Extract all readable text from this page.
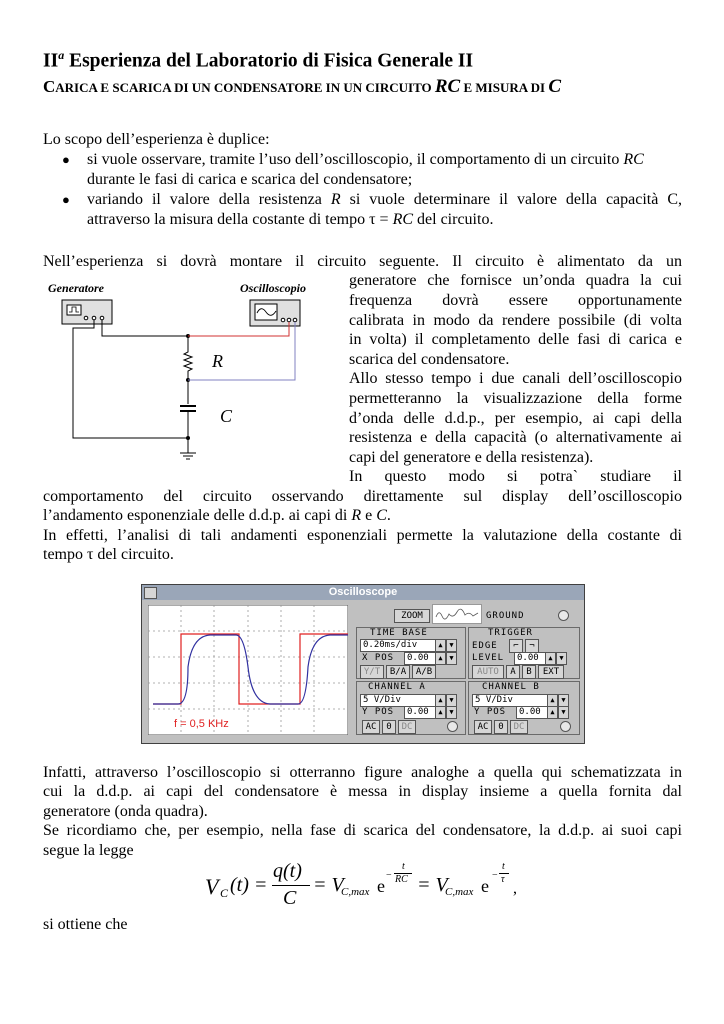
$II^a$ Esperienza del Laboratorio di Fisica Generale II
CARICA E SCARICA DI UN CONDENSATORE IN UN CIRCUITO RC E MISURA DI C
Lo scopo dell’esperienza è duplice:
● si vuole osservare, tramite l’uso dell’oscilloscopio, il comportamento di un circuito RC
durante le fasi di carica e scarica del condensatore;
● variando il valore della resistenza R si vuole determinare il valore della capacità C,
attraverso la misura della costante di tempo τ = RC del circuito.
Nell’esperienza si dovrà montare il circuito seguente. Il circuito è alimentato da un
generatore che fornisce un’onda quadra la cui
frequenza dovrà essere opportunamente
calibrata in modo da rendere possibile (di volta
in volta) il completamento delle fasi di carica e
scarica del condensatore.
Allo stesso tempo i due canali dell’oscilloscopio
permetteranno la visualizzazione della forme
d’onda delle d.d.p., per esempio, ai capi della
resistenza e della capacità (o alternativamente ai
capi del generatore e della resistenza).
In questo modo si potra` studiare il
comportamento del circuito osservando direttamente sul display dell’oscilloscopio
l’andamento esponenziale delle d.d.p. ai capi di R e C.
In effetti, l’analisi di tali andamenti esponenziali permette la valutazione della costante di
tempo τ del circuito.
Generatore	Oscilloscopio
R
C
Oscilloscope
f = 0,5 KHz
ZOOM	GROUND
TIME BASE
0.20ms/div	▲ ▼
X POS	0.00	▲ ▼
Y/T	B/A	A/B
TRIGGER
EDGE	⌐	¬
LEVEL	0.00	▲ ▼
AUTO	A	B	EXT
CHANNEL A
5 V/Div	▲ ▼
Y POS	0.00	▲ ▼
AC	0	DC
CHANNEL B
5 V/Div	▲ ▼
Y POS	0.00	▲ ▼
AC	0	DC
Infatti, attraverso l’oscilloscopio si otterranno figure analoghe a quella qui schematizzata in
cui la d.d.p. ai capi del condensatore è messa in display insieme a quella fornita dal
generatore (onda quadra).
Se ricordiamo che, per esempio, nella fase di scarica del condensatore, la d.d.p. ai suoi capi
segue la legge
V C (t) =
q(t)
C
= V
C,max e
−
t
RC = V
C,max e
−
t
τ
,
si ottiene che
